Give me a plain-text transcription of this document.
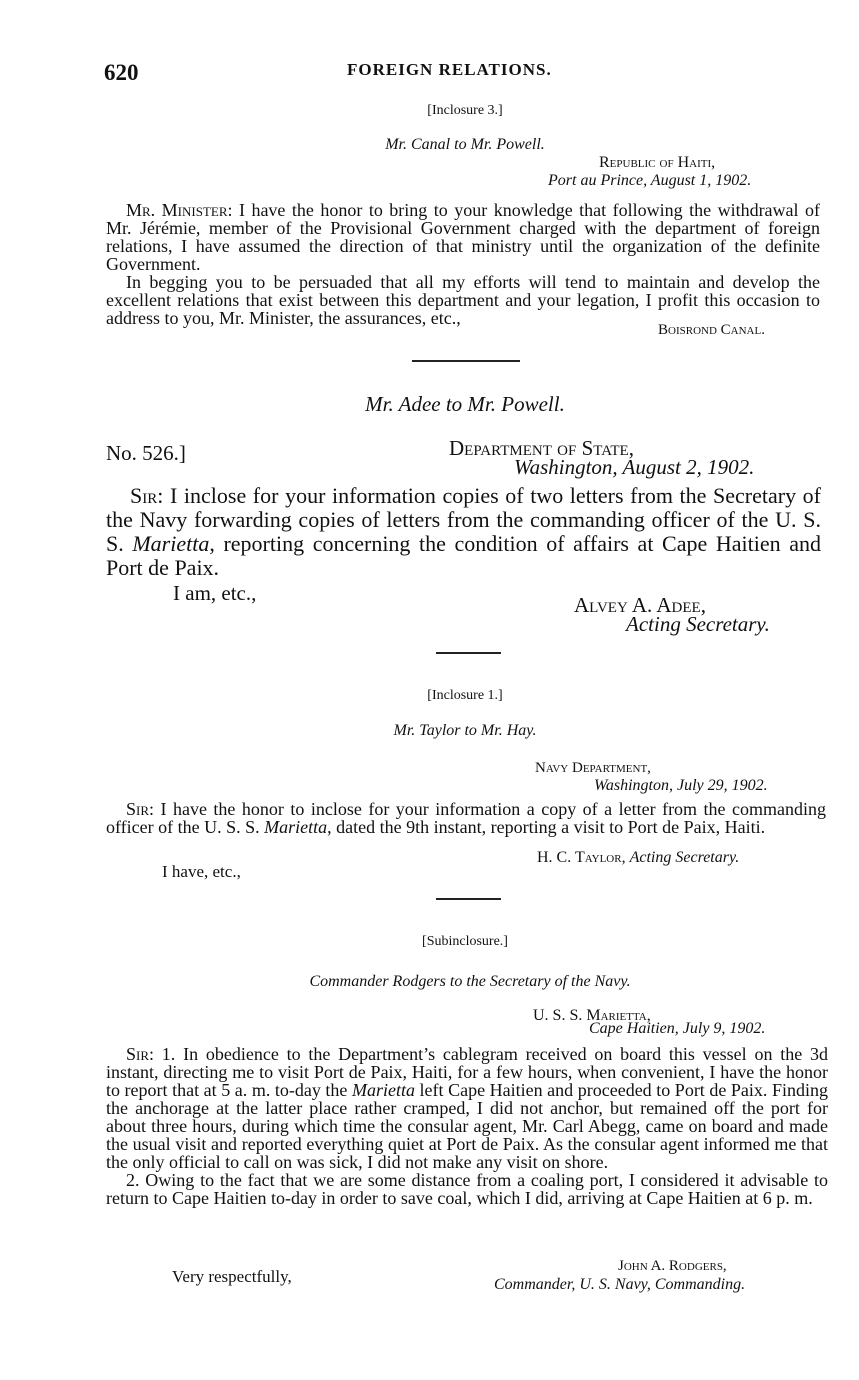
620	FOREIGN RELATIONS.
[Inclosure 3.]
Mr. Canal to Mr. Powell.
Republic of Haiti,
Port au Prince, August 1, 1902.

Mr. Minister: I have the honor to bring to your knowledge that following the withdrawal of Mr. Jérémie, member of the Provisional Government charged with the department of foreign relations, I have assumed the direction of that ministry until the organization of the definite Government.

In begging you to be persuaded that all my efforts will tend to maintain and develop the excellent relations that exist between this department and your legation, I profit this occasion to address to you, Mr. Minister, the assurances, etc.,

Boisrond Canal.
Mr. Adee to Mr. Powell.
No. 526.]	Department of State,
Washington, August 2, 1902.

Sir: I inclose for your information copies of two letters from the Secretary of the Navy forwarding copies of letters from the commanding officer of the U. S. S. Marietta, reporting concerning the condition of affairs at Cape Haitien and Port de Paix.

I am, etc.,	Alvey A. Adee,
Acting Secretary.
[Inclosure 1.]
Mr. Taylor to Mr. Hay.
Navy Department,
Washington, July 29, 1902.

Sir: I have the honor to inclose for your information a copy of a letter from the commanding officer of the U. S. S. Marietta, dated the 9th instant, reporting a visit to Port de Paix, Haiti.

I have, etc.,
H. C. Taylor, Acting Secretary.
[Subinclosure.]
Commander Rodgers to the Secretary of the Navy.
U. S. S. Marietta,
Cape Haitien, July 9, 1902.

Sir: 1. In obedience to the Department’s cablegram received on board this vessel on the 3d instant, directing me to visit Port de Paix, Haiti, for a few hours, when convenient, I have the honor to report that at 5 a. m. to-day the Marietta left Cape Haitien and proceeded to Port de Paix. Finding the anchorage at the latter place rather cramped, I did not anchor, but remained off the port for about three hours, during which time the consular agent, Mr. Carl Abegg, came on board and made the usual visit and reported everything quiet at Port de Paix. As the consular agent informed me that the only official to call on was sick, I did not make any visit on shore.

2. Owing to the fact that we are some distance from a coaling port, I considered it advisable to return to Cape Haitien to-day in order to save coal, which I did, arriving at Cape Haitien at 6 p. m.

Very respectfully,
John A. Rodgers,
Commander, U. S. Navy, Commanding.
